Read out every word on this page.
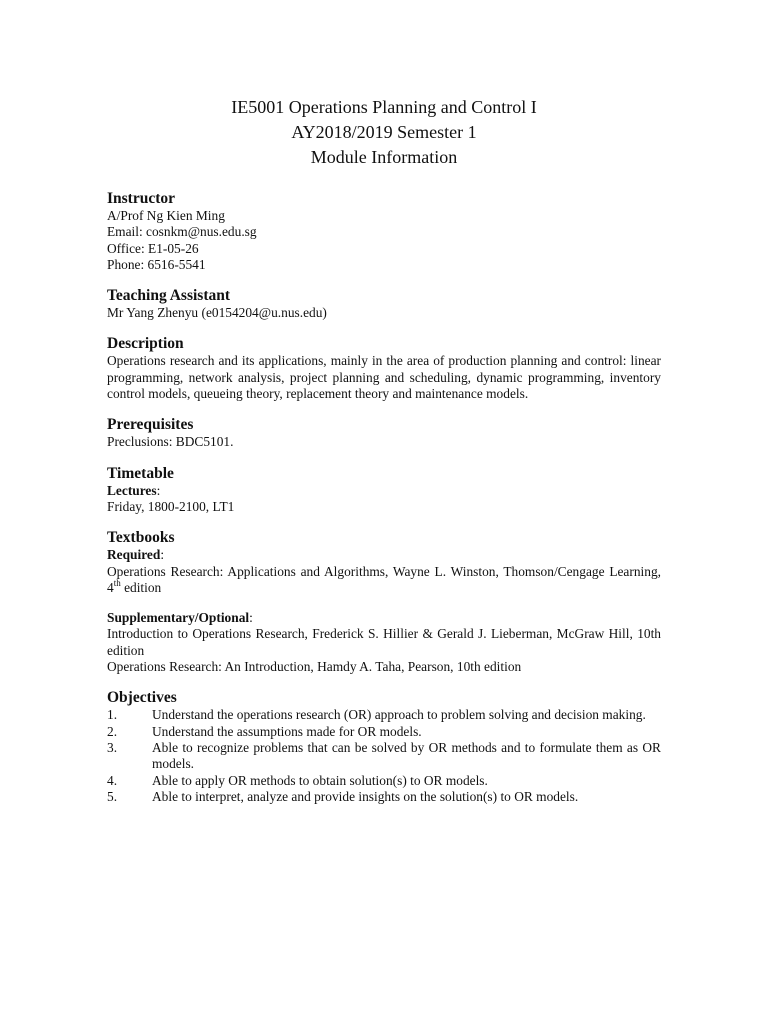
IE5001 Operations Planning and Control I
AY2018/2019 Semester 1
Module Information
Instructor

A/Prof Ng Kien Ming

Email: cosnkm@nus.edu.sg

Office: E1-05-26

Phone: 6516-5541

Teaching Assistant

Mr Yang Zhenyu (e0154204@u.nus.edu)

Description

Operations research and its applications, mainly in the area of production planning and control: linear programming, network analysis, project planning and scheduling, dynamic programming, inventory control models, queueing theory, replacement theory and maintenance models.

Prerequisites

Preclusions: BDC5101.

Timetable

Lectures:

Friday, 1800-2100, LT1

Textbooks

Required:

Operations Research: Applications and Algorithms, Wayne L. Winston, Thomson/Cengage Learning, 4th edition

Supplementary/Optional:

Introduction to Operations Research, Frederick S. Hillier & Gerald J. Lieberman, McGraw Hill, 10th edition

Operations Research: An Introduction, Hamdy A. Taha, Pearson, 10th edition

Objectives
1.	Understand the operations research (OR) approach to problem solving and decision making.
2.	Understand the assumptions made for OR models.
3.	Able to recognize problems that can be solved by OR methods and to formulate them as OR models.
4.	Able to apply OR methods to obtain solution(s) to OR models.
5.	Able to interpret, analyze and provide insights on the solution(s) to OR models.
